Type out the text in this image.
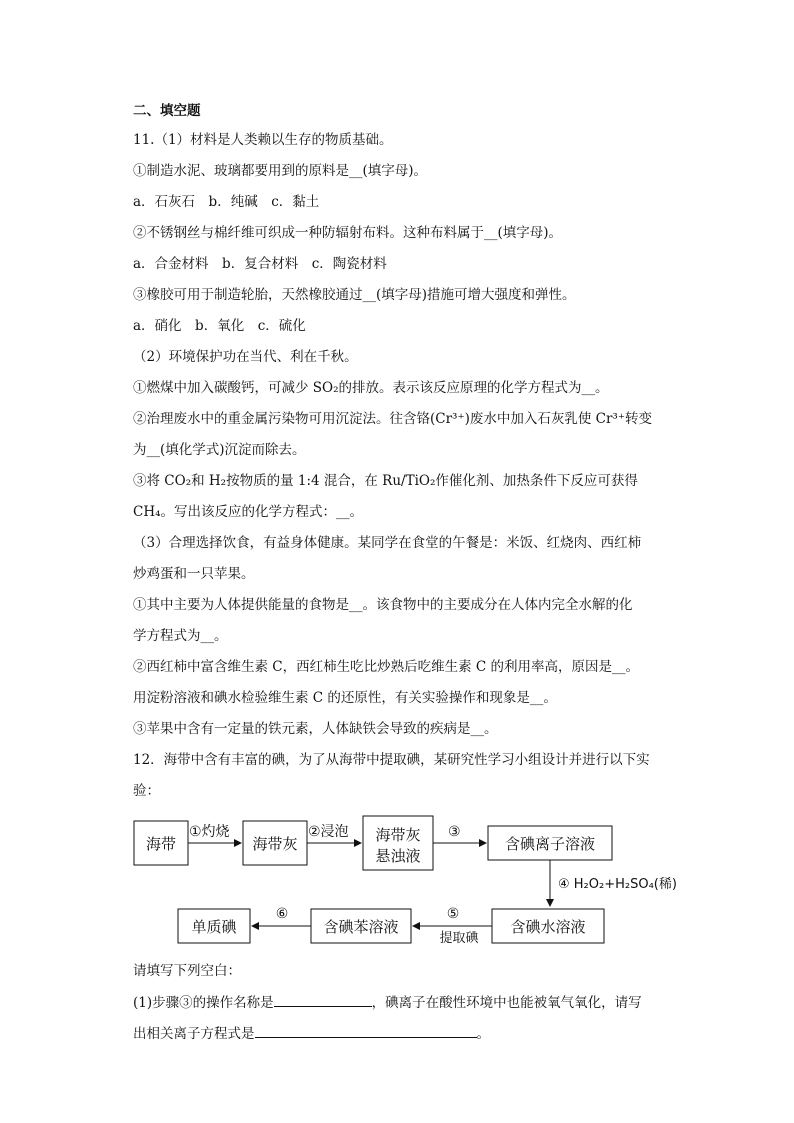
二、填空题
11.（1）材料是人类赖以生存的物质基础。
①制造水泥、玻璃都要用到的原料是__(填字母)。
a．石灰石　b．纯碱　c．黏土
②不锈钢丝与棉纤维可织成一种防辐射布料。这种布料属于__(填字母)。
a．合金材料　b．复合材料　c．陶瓷材料
③橡胶可用于制造轮胎，天然橡胶通过__(填字母)措施可增大强度和弹性。
a．硝化　b．氧化　c．硫化
（2）环境保护功在当代、利在千秋。
①燃煤中加入碳酸钙，可减少 SO₂的排放。表示该反应原理的化学方程式为__。
②治理废水中的重金属污染物可用沉淀法。往含铬(Cr³⁺)废水中加入石灰乳使 Cr³⁺转变
为__(填化学式)沉淀而除去。
③将 CO₂和 H₂按物质的量 1:4 混合，在 Ru/TiO₂作催化剂、加热条件下反应可获得
CH₄。写出该反应的化学方程式：__。
（3）合理选择饮食，有益身体健康。某同学在食堂的午餐是：米饭、红烧肉、西红柿
炒鸡蛋和一只苹果。
①其中主要为人体提供能量的食物是__。该食物中的主要成分在人体内完全水解的化
学方程式为__。
②西红柿中富含维生素 C，西红柿生吃比炒熟后吃维生素 C 的利用率高，原因是__。
用淀粉溶液和碘水检验维生素 C 的还原性，有关实验操作和现象是__。
③苹果中含有一定量的铁元素，人体缺铁会导致的疾病是__。
12．海带中含有丰富的碘，为了从海带中提取碘，某研究性学习小组设计并进行以下实
验：
海带	海带灰	海带灰
悬浊液
含碘离子溶液
①灼烧	②浸泡	③
④ H₂O₂+H₂SO₄(稀)
含碘水溶液
含碘苯溶液
单质碘
⑤
提取碘
⑥
请填写下列空白：
(1)步骤③的操作名称是	，碘离子在酸性环境中也能被氧气氧化，请写
出相关离子方程式是	。
